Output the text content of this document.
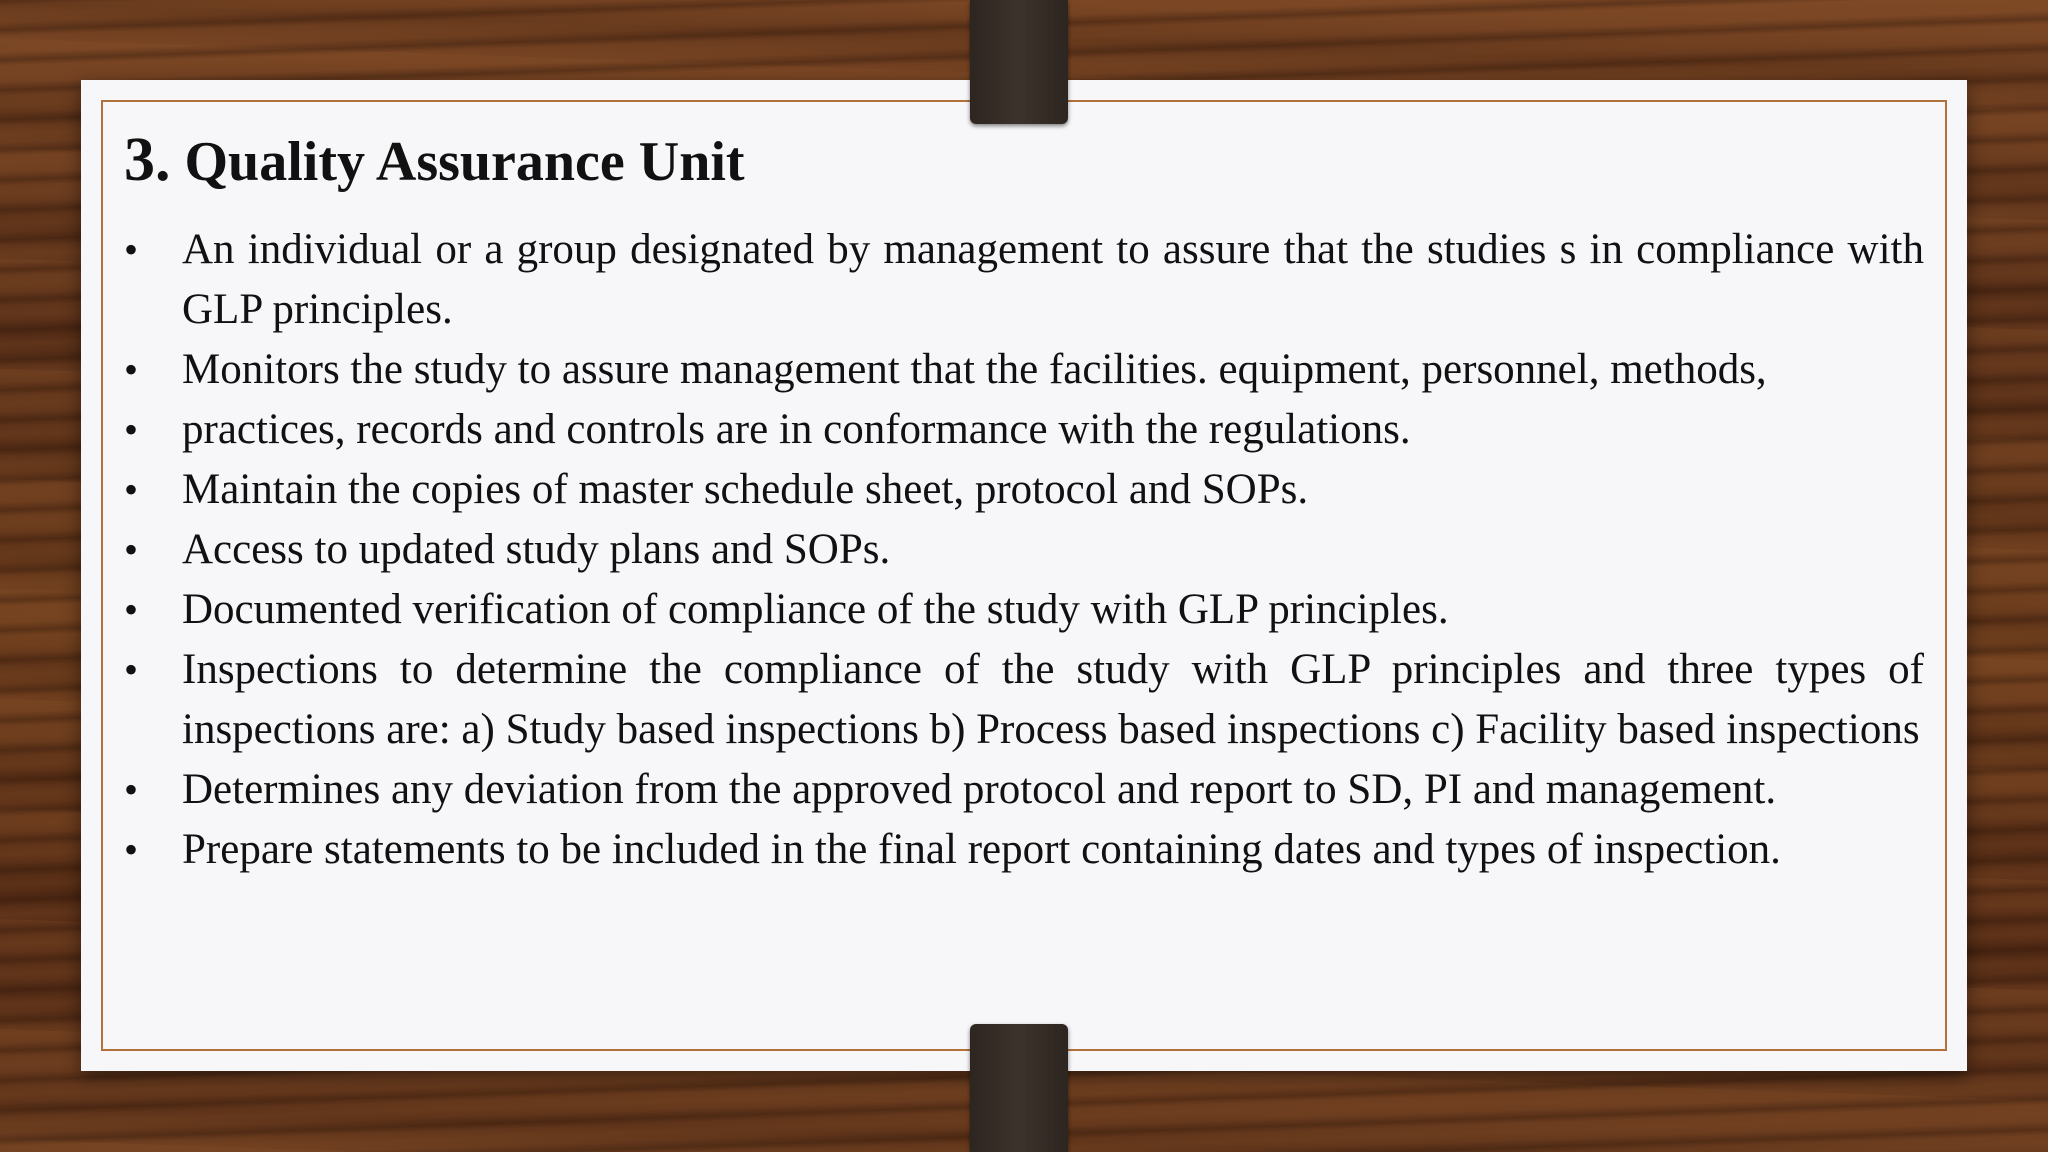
3. Quality Assurance Unit
• An individual or a group designated by management to assure that the studies s in compliance with GLP principles.
• Monitors the study to assure management that the facilities. equipment, personnel, methods,
• practices, records and controls are in conformance with the regulations.
• Maintain the copies of master schedule sheet, protocol and SOPs.
• Access to updated study plans and SOPs.
• Documented verification of compliance of the study with GLP principles.
• Inspections to determine the compliance of the study with GLP principles and three types of inspections are: a) Study based inspections b) Process based inspections c) Facility based inspections
• Determines any deviation from the approved protocol and report to SD, PI and management.
• Prepare statements to be included in the final report containing dates and types of inspection.
